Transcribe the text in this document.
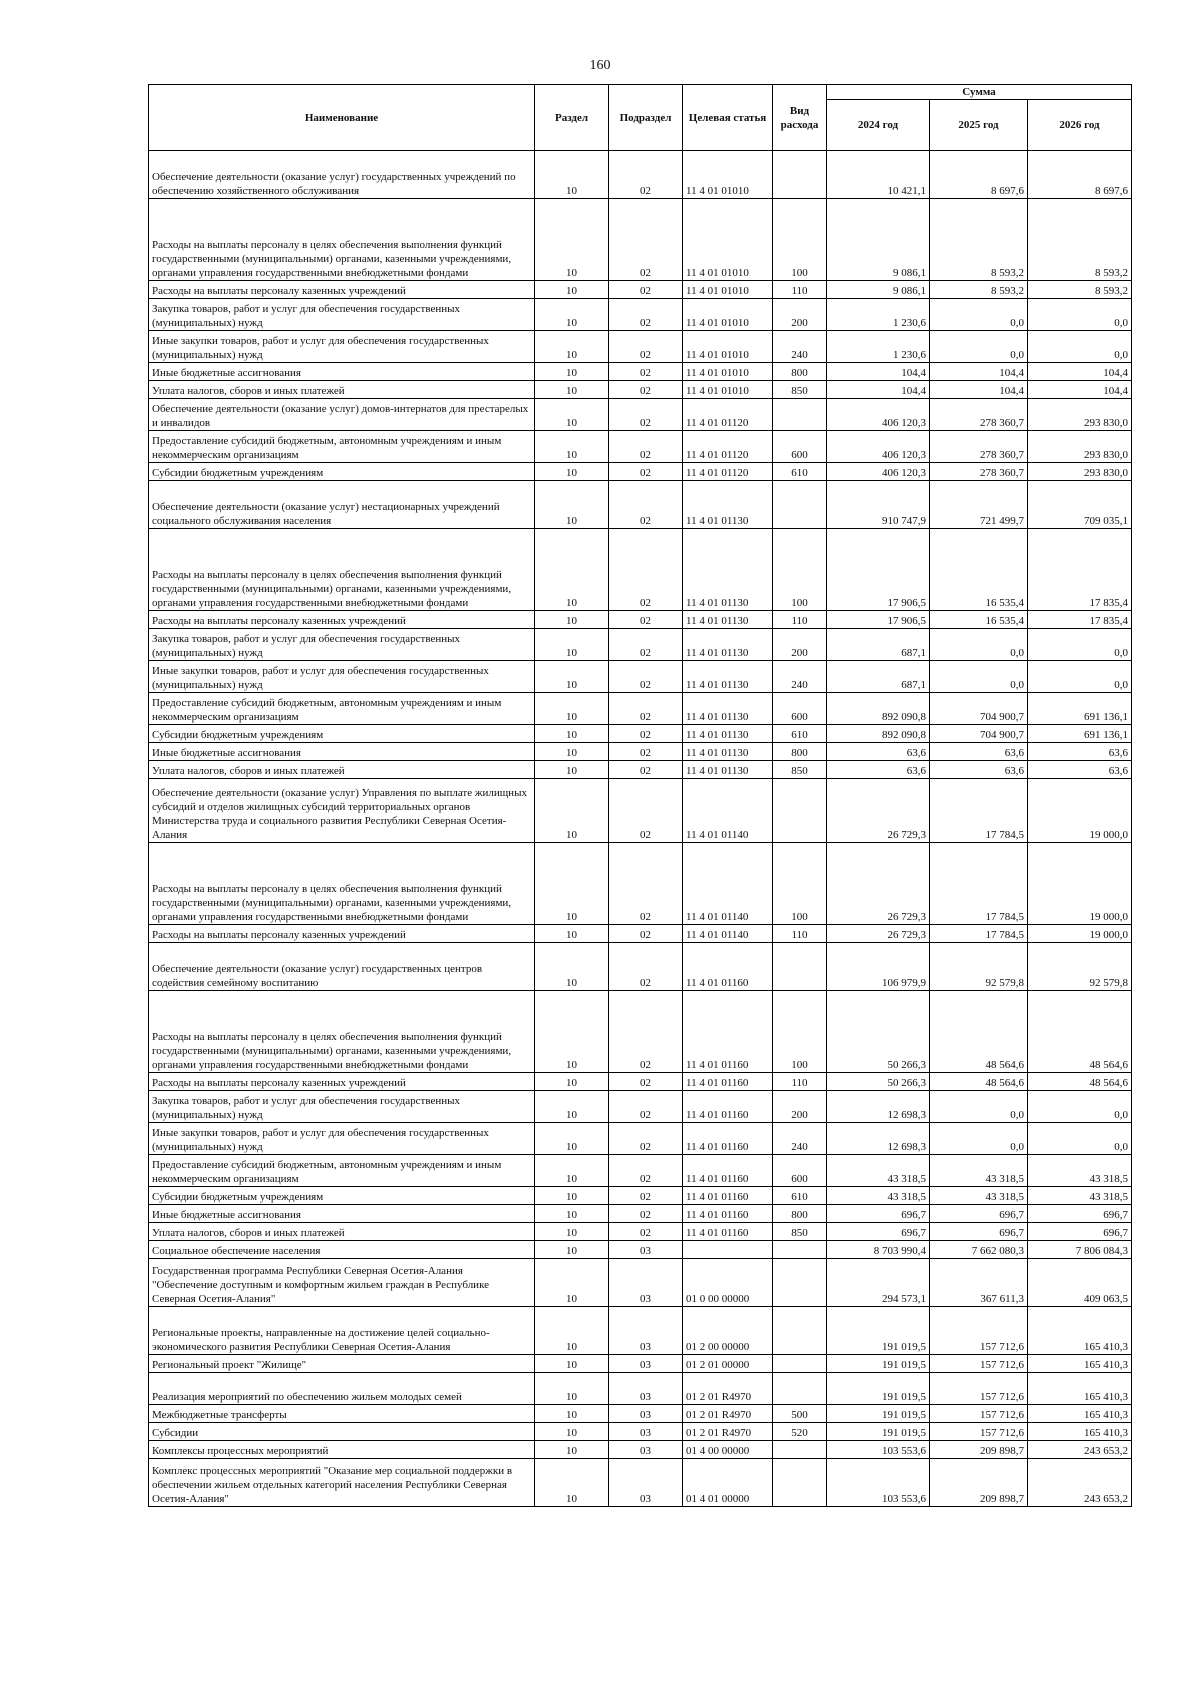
160
Наименование	Раздел	Подраздел	Целевая статья	Вид расхода	Сумма		
					2024 год	2025 год	2026 год
Обеспечение деятельности (оказание услуг) государственных учреждений по обеспечению хозяйственного обслуживания	10	02	11 4 01 01010		10 421,1	8 697,6	8 697,6
Расходы на выплаты персоналу в целях обеспечения выполнения функций государственными (муниципальными) органами, казенными учреждениями, органами управления государственными внебюджетными фондами	10	02	11 4 01 01010	100	9 086,1	8 593,2	8 593,2
Расходы на выплаты персоналу казенных учреждений	10	02	11 4 01 01010	110	9 086,1	8 593,2	8 593,2
Закупка товаров, работ и услуг для обеспечения государственных (муниципальных) нужд	10	02	11 4 01 01010	200	1 230,6	0,0	0,0
Иные закупки товаров, работ и услуг для обеспечения государственных (муниципальных) нужд	10	02	11 4 01 01010	240	1 230,6	0,0	0,0
Иные бюджетные ассигнования	10	02	11 4 01 01010	800	104,4	104,4	104,4
Уплата налогов, сборов и иных платежей	10	02	11 4 01 01010	850	104,4	104,4	104,4
Обеспечение деятельности (оказание услуг) домов-интернатов для престарелых и инвалидов	10	02	11 4 01 01120		406 120,3	278 360,7	293 830,0
Предоставление субсидий бюджетным, автономным учреждениям и иным некоммерческим организациям	10	02	11 4 01 01120	600	406 120,3	278 360,7	293 830,0
Субсидии бюджетным учреждениям	10	02	11 4 01 01120	610	406 120,3	278 360,7	293 830,0
Обеспечение деятельности (оказание услуг) нестационарных учреждений социального обслуживания населения	10	02	11 4 01 01130		910 747,9	721 499,7	709 035,1
Расходы на выплаты персоналу в целях обеспечения выполнения функций государственными (муниципальными) органами, казенными учреждениями, органами управления государственными внебюджетными фондами	10	02	11 4 01 01130	100	17 906,5	16 535,4	17 835,4
Расходы на выплаты персоналу казенных учреждений	10	02	11 4 01 01130	110	17 906,5	16 535,4	17 835,4
Закупка товаров, работ и услуг для обеспечения государственных (муниципальных) нужд	10	02	11 4 01 01130	200	687,1	0,0	0,0
Иные закупки товаров, работ и услуг для обеспечения государственных (муниципальных) нужд	10	02	11 4 01 01130	240	687,1	0,0	0,0
Предоставление субсидий бюджетным, автономным учреждениям и иным некоммерческим организациям	10	02	11 4 01 01130	600	892 090,8	704 900,7	691 136,1
Субсидии бюджетным учреждениям	10	02	11 4 01 01130	610	892 090,8	704 900,7	691 136,1
Иные бюджетные ассигнования	10	02	11 4 01 01130	800	63,6	63,6	63,6
Уплата налогов, сборов и иных платежей	10	02	11 4 01 01130	850	63,6	63,6	63,6
Обеспечение деятельности (оказание услуг) Управления по выплате жилищных субсидий и отделов жилищных субсидий территориальных органов Министерства труда и социального развития Республики Северная Осетия-Алания	10	02	11 4 01 01140		26 729,3	17 784,5	19 000,0
Расходы на выплаты персоналу в целях обеспечения выполнения функций государственными (муниципальными) органами, казенными учреждениями, органами управления государственными внебюджетными фондами	10	02	11 4 01 01140	100	26 729,3	17 784,5	19 000,0
Расходы на выплаты персоналу казенных учреждений	10	02	11 4 01 01140	110	26 729,3	17 784,5	19 000,0
Обеспечение деятельности (оказание услуг) государственных центров содействия семейному воспитанию	10	02	11 4 01 01160		106 979,9	92 579,8	92 579,8
Расходы на выплаты персоналу в целях обеспечения выполнения функций государственными (муниципальными) органами, казенными учреждениями, органами управления государственными внебюджетными фондами	10	02	11 4 01 01160	100	50 266,3	48 564,6	48 564,6
Расходы на выплаты персоналу казенных учреждений	10	02	11 4 01 01160	110	50 266,3	48 564,6	48 564,6
Закупка товаров, работ и услуг для обеспечения государственных (муниципальных) нужд	10	02	11 4 01 01160	200	12 698,3	0,0	0,0
Иные закупки товаров, работ и услуг для обеспечения государственных (муниципальных) нужд	10	02	11 4 01 01160	240	12 698,3	0,0	0,0
Предоставление субсидий бюджетным, автономным учреждениям и иным некоммерческим организациям	10	02	11 4 01 01160	600	43 318,5	43 318,5	43 318,5
Субсидии бюджетным учреждениям	10	02	11 4 01 01160	610	43 318,5	43 318,5	43 318,5
Иные бюджетные ассигнования	10	02	11 4 01 01160	800	696,7	696,7	696,7
Уплата налогов, сборов и иных платежей	10	02	11 4 01 01160	850	696,7	696,7	696,7
Социальное обеспечение населения	10	03			8 703 990,4	7 662 080,3	7 806 084,3
Государственная программа Республики Северная Осетия-Алания "Обеспечение доступным и комфортным жильем граждан в Республике Северная Осетия-Алания"	10	03	01 0 00 00000		294 573,1	367 611,3	409 063,5
Региональные проекты, направленные на достижение целей социально-экономического развития Республики Северная Осетия-Алания	10	03	01 2 00 00000		191 019,5	157 712,6	165 410,3
Региональный проект "Жилище"	10	03	01 2 01 00000		191 019,5	157 712,6	165 410,3
Реализация мероприятий по обеспечению жильем молодых семей	10	03	01 2 01 R4970		191 019,5	157 712,6	165 410,3
Межбюджетные трансферты	10	03	01 2 01 R4970	500	191 019,5	157 712,6	165 410,3
Субсидии	10	03	01 2 01 R4970	520	191 019,5	157 712,6	165 410,3
Комплексы процессных мероприятий	10	03	01 4 00 00000		103 553,6	209 898,7	243 653,2
Комплекс процессных мероприятий "Оказание мер социальной поддержки в обеспечении жильем отдельных категорий населения Республики Северная Осетия-Алания"	10	03	01 4 01 00000		103 553,6	209 898,7	243 653,2
